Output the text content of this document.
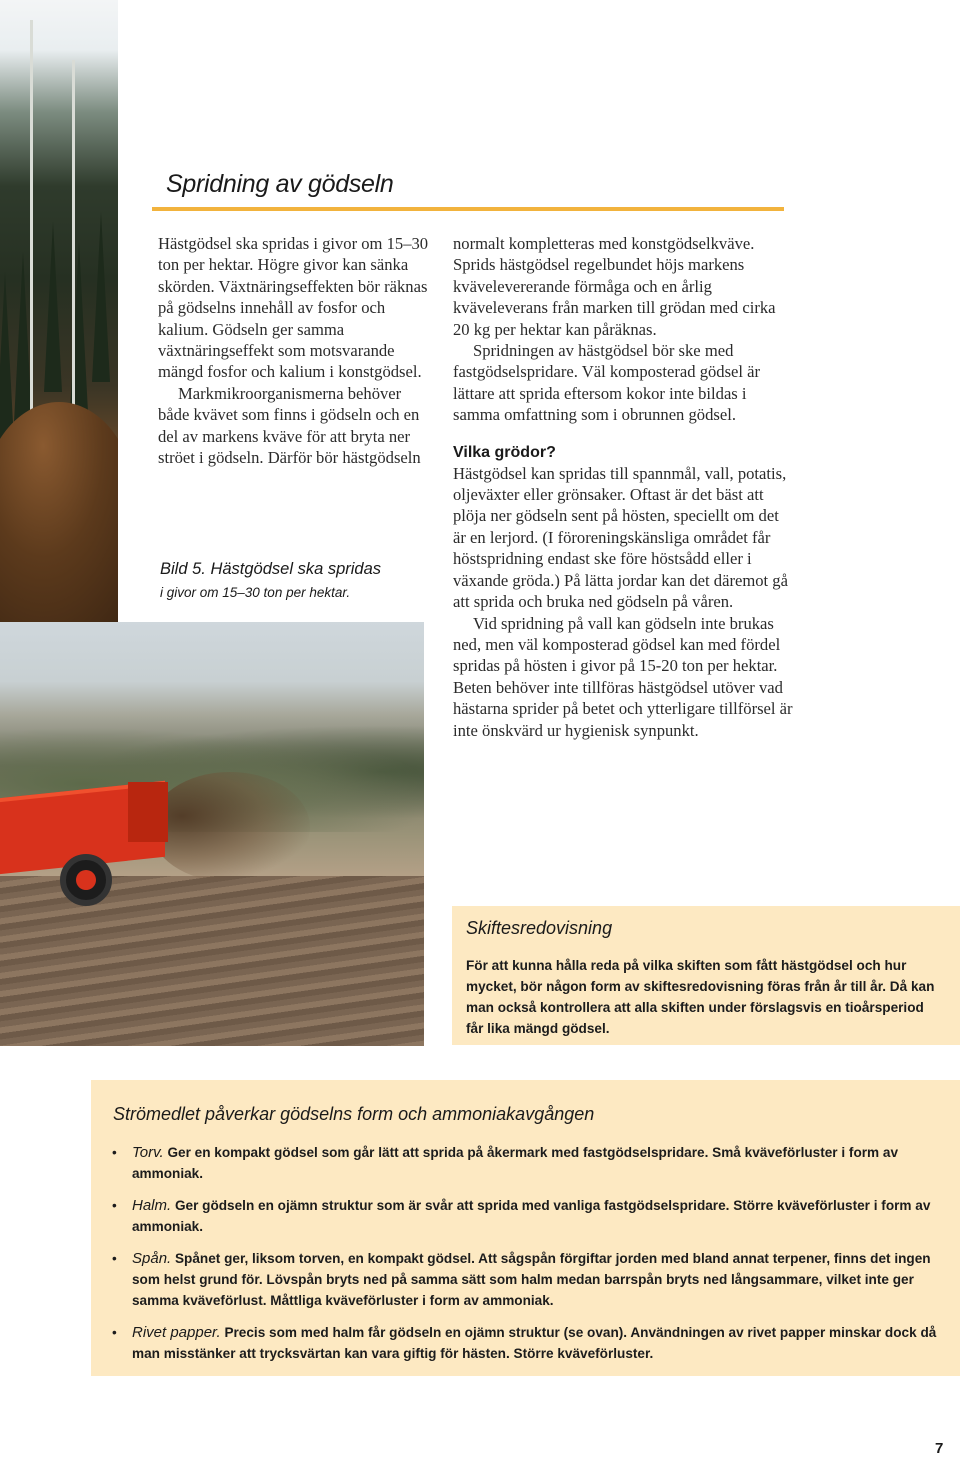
Spridning av gödseln

Hästgödsel ska spridas i givor om 15–30 ton per hektar. Högre givor kan sänka skörden. Växtnäringseffekten bör räknas på gödselns innehåll av fosfor och kalium. Gödseln ger samma växtnäringseffekt som motsvarande mängd fosfor och kalium i konstgödsel.

Markmikroorganismerna behöver både kvävet som finns i gödseln och en del av markens kväve för att bryta ner ströet i gödseln. Därför bör hästgödseln

Bild 5. Hästgödsel ska spridas
i givor om 15–30 ton per hektar.

normalt kompletteras med konstgödselkväve. Sprids hästgödsel regelbundet höjs markens kvävelevererande förmåga och en årlig kväveleverans från marken till grödan med cirka 20 kg per hektar kan påräknas.

Spridningen av hästgödsel bör ske med fastgödselspridare. Väl komposterad gödsel är lättare att sprida eftersom kokor inte bildas i samma omfattning som i obrunnen gödsel.

Vilka grödor?

Hästgödsel kan spridas till spannmål, vall, potatis, oljeväxter eller grönsaker. Oftast är det bäst att plöja ner gödseln sent på hösten, speciellt om det är en lerjord. (I föroreningskänsliga området får höstspridning endast ske före höstsådd eller i växande gröda.) På lätta jordar kan det däremot gå att sprida och bruka ned gödseln på våren.

Vid spridning på vall kan gödseln inte brukas ned, men väl komposterad gödsel kan med fördel spridas på hösten i givor på 15-20 ton per hektar. Beten behöver inte tillföras hästgödsel utöver vad hästarna sprider på betet och ytterligare tillförsel är inte önskvärd ur hygienisk synpunkt.

Skiftesredovisning
För att kunna hålla reda på vilka skiften som fått hästgödsel och hur mycket, bör någon form av skiftesredovisning föras från år till år. Då kan man också kontrollera att alla skiften under förslagsvis en tioårsperiod får lika mängd gödsel.
Strömedlet påverkar gödselns form och ammoniakavgången
• Torv. Ger en kompakt gödsel som går lätt att sprida på åkermark med fastgödselspridare. Små kväveförluster i form av ammoniak.
• Halm. Ger gödseln en ojämn struktur som är svår att sprida med vanliga fastgödselspridare. Större kväveförluster i form av ammoniak.
• Spån. Spånet ger, liksom torven, en kompakt gödsel. Att sågspån förgiftar jorden med bland annat terpener, finns det ingen som helst grund för. Lövspån bryts ned på samma sätt som halm medan barrspån bryts ned långsammare, vilket inte ger samma kväveförlust. Måttliga kväveförluster i form av ammoniak.
• Rivet papper. Precis som med halm får gödseln en ojämn struktur (se ovan). Användningen av rivet papper minskar dock då man misstänker att trycksvärtan kan vara giftig för hästen. Större kväveförluster.
7
